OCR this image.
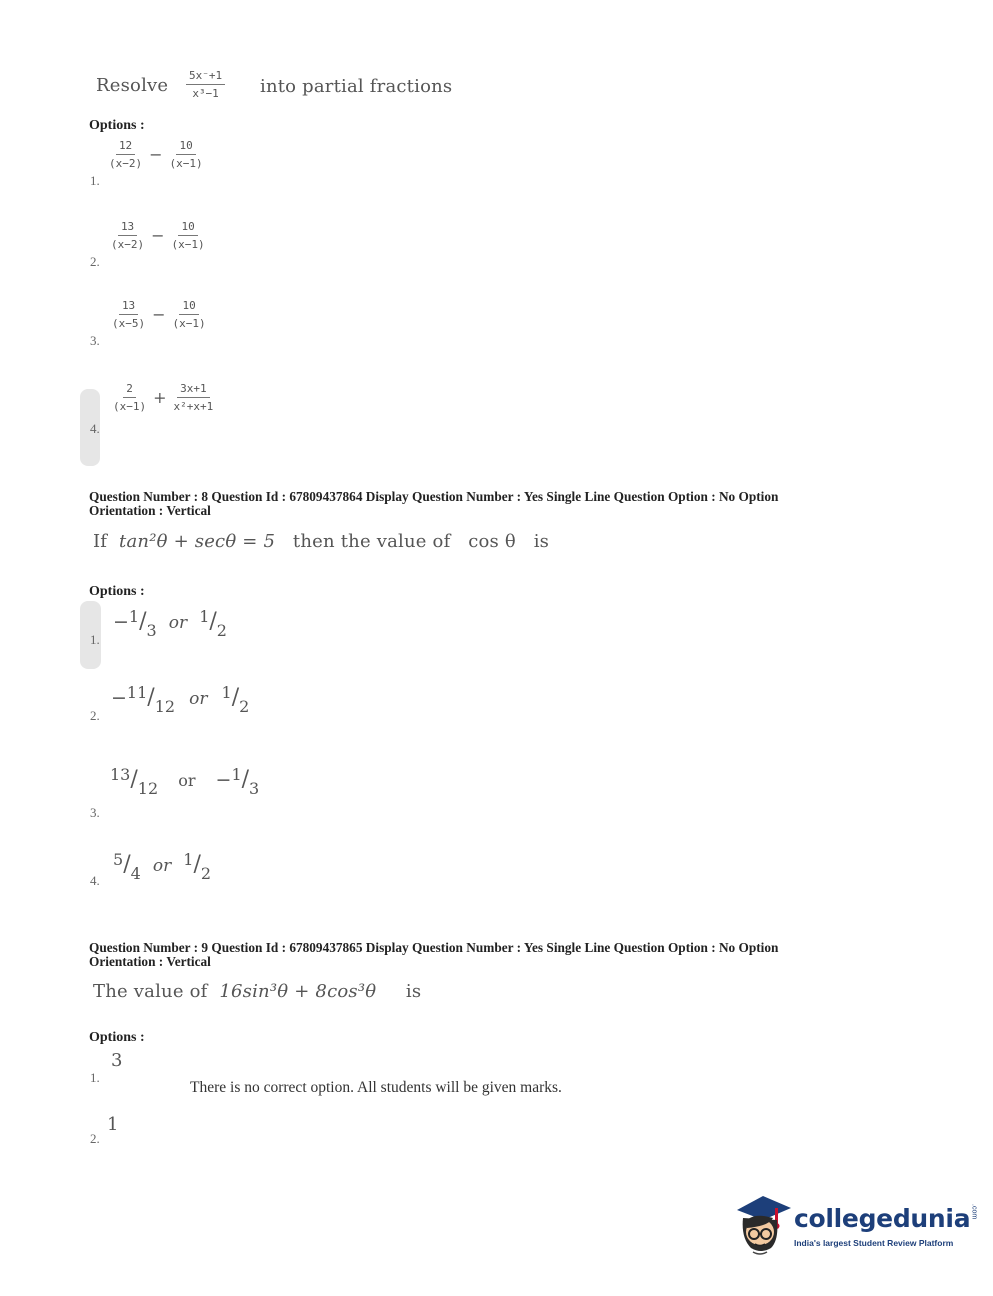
Resolve $\frac{5x^-+1}{\text{x³−1}}$ into partial fractions
Options :
$\frac{12}{(x-2)} - \frac{10}{(x-1)}$
1.
$\frac{13}{(x-2)} - \frac{10}{(x-1)}$
2.
$\frac{13}{(x-5)} - \frac{10}{(x-1)}$
3.
$\frac{2}{(x-1)} + \frac{3x+1}{\text{x²+x+1}}$
4.
Question Number : 8 Question Id : 67809437864 Display Question Number : Yes Single Line Question Option : No Option
Orientation : Vertical
If tan²θ + secθ = 5 then the value of cos θ is
Options :
$-^1/_3$ or $^1/_2$
1.
$-^{11}/_{12}$ or $^1/_2$
2.
$^{13}/_{12}$ or $-^1/_3$
3.
$^5/_4$ or $^1/_2$
4.
Question Number : 9 Question Id : 67809437865 Display Question Number : Yes Single Line Question Option : No Option
Orientation : Vertical
The value of 16sin³θ + 8cos³θ is
Options :
3
1.
There is no correct option. All students will be given marks.
1
2.
collegedunia.com
India's largest Student Review Platform
